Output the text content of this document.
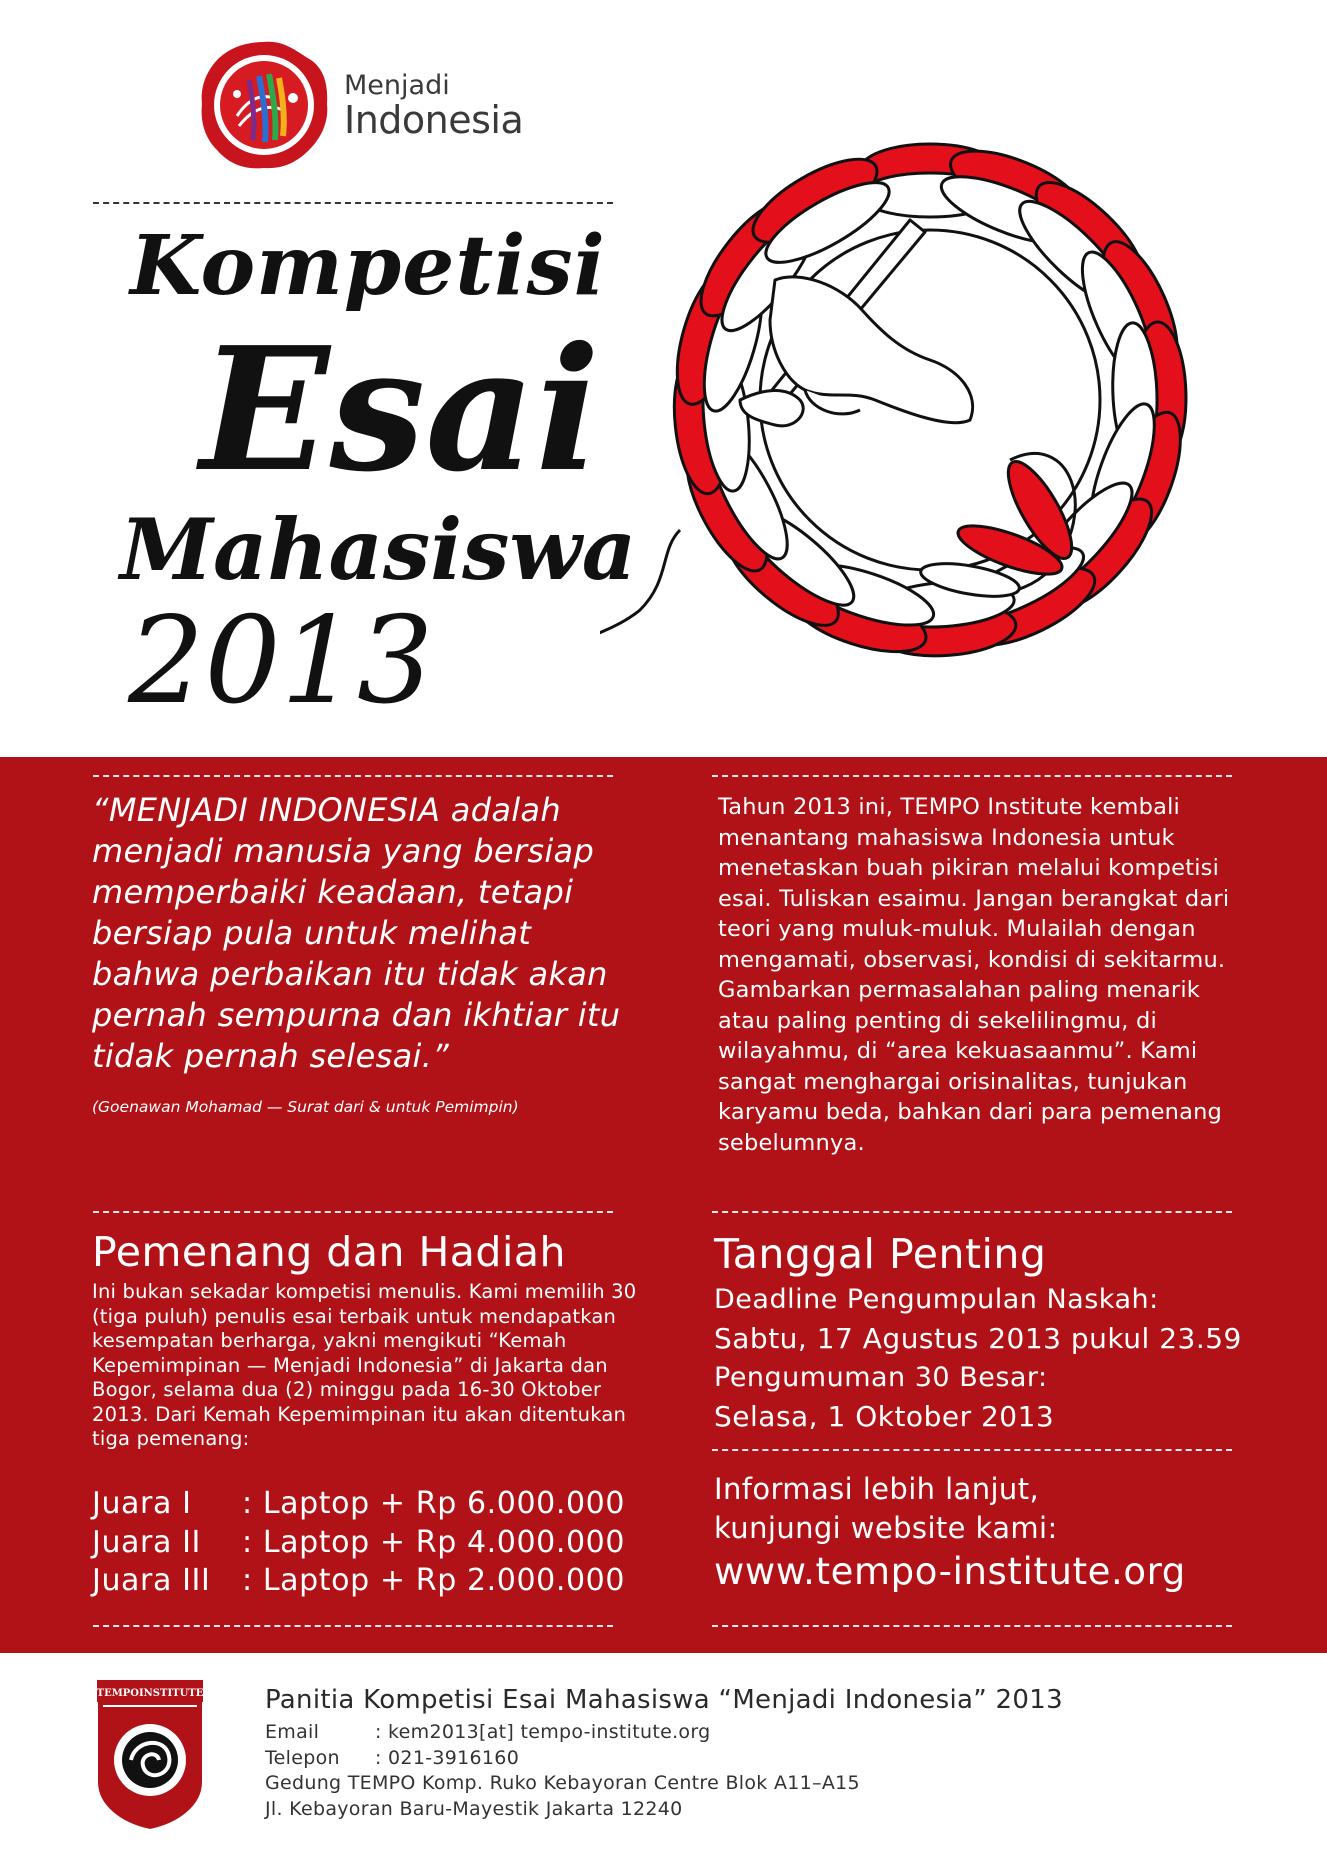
Menjadi
Indonesia
Kompetisi
Esai
Mahasiswa
2013
“MENJADI INDONESIA adalah menjadi manusia yang bersiap memperbaiki keadaan, tetapi bersiap pula untuk melihat bahwa perbaikan itu tidak akan pernah sempurna dan ikhtiar itu tidak pernah selesai.”
(Goenawan Mohamad — Surat dari & untuk Pemimpin)
Tahun 2013 ini, TEMPO Institute kembali menantang mahasiswa Indonesia untuk menetaskan buah pikiran melalui kompetisi esai. Tuliskan esaimu. Jangan berangkat dari teori yang muluk-muluk. Mulailah dengan mengamati, observasi, kondisi di sekitarmu. Gambarkan permasalahan paling menarik atau paling penting di sekelilingmu, di wilayahmu, di “area kekuasaanmu”. Kami sangat menghargai orisinalitas, tunjukan karyamu beda, bahkan dari para pemenang sebelumnya.
Pemenang dan Hadiah
Ini bukan sekadar kompetisi menulis. Kami memilih 30 (tiga puluh) penulis esai terbaik untuk mendapatkan kesempatan berharga, yakni mengikuti “Kemah Kepemimpinan — Menjadi Indonesia” di Jakarta dan Bogor, selama dua (2) minggu pada 16-30 Oktober 2013. Dari Kemah Kepemimpinan itu akan ditentukan tiga pemenang:
Juara I : Laptop + Rp 6.000.000
Juara II : Laptop + Rp 4.000.000
Juara III : Laptop + Rp 2.000.000
Tanggal Penting
Deadline Pengumpulan Naskah:
Sabtu, 17 Agustus 2013 pukul 23.59
Pengumuman 30 Besar:
Selasa, 1 Oktober 2013
Informasi lebih lanjut,
kunjungi website kami:
www.tempo-institute.org
TEMPOINSTITUTE Panitia Kompetisi Esai Mahasiswa “Menjadi Indonesia” 2013
Email	: kem2013[at] tempo-institute.org
Telepon : 021-3916160
Gedung TEMPO Komp. Ruko Kebayoran Centre Blok A11–A15
Jl. Kebayoran Baru-Mayestik Jakarta 12240
